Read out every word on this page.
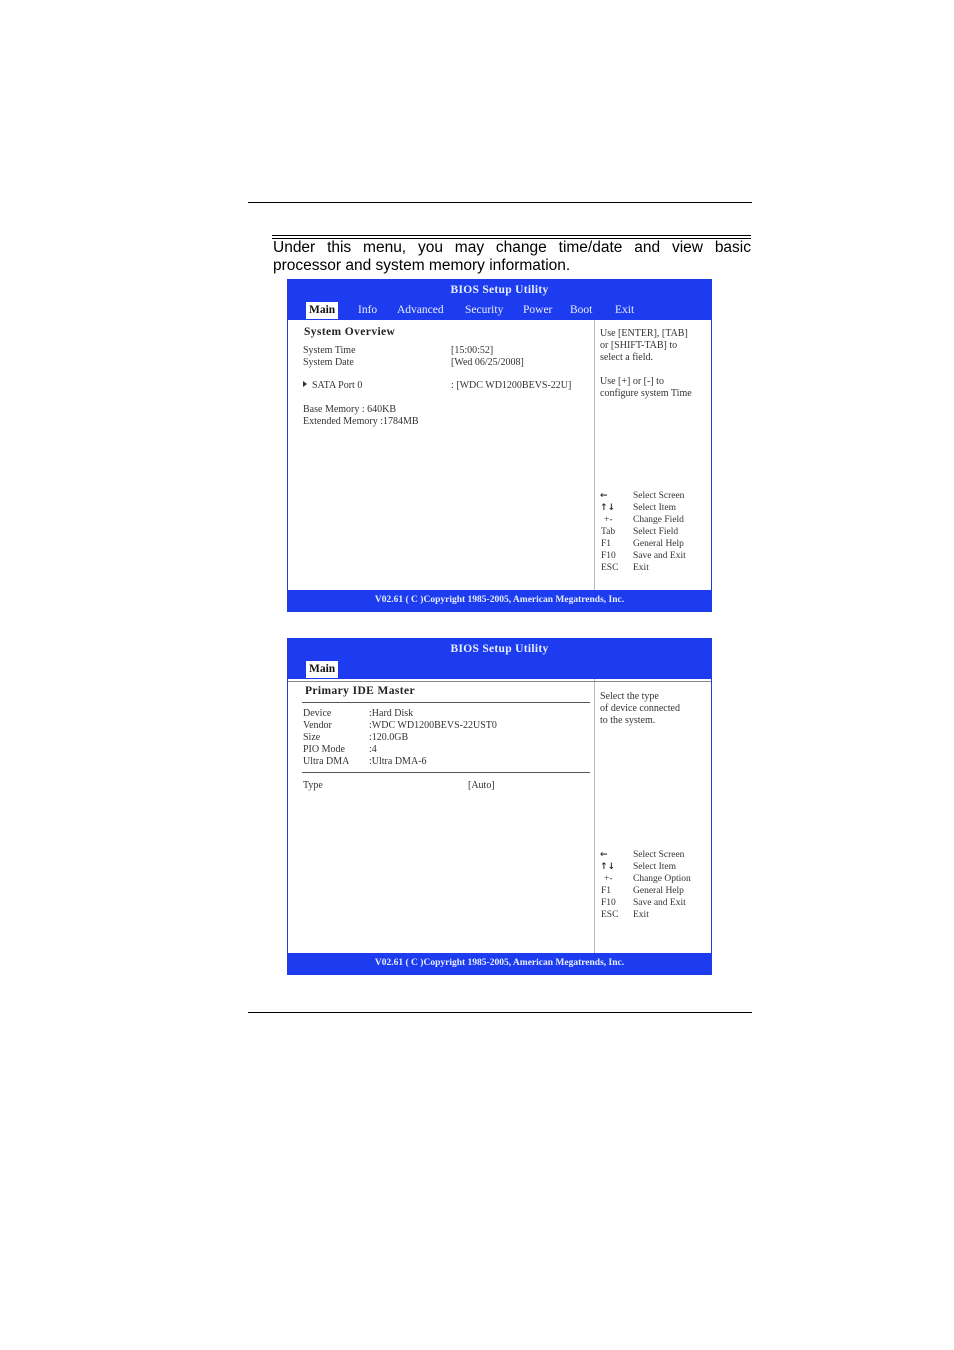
Under this menu, you may change time/date and view basic
processor and system memory information.
BIOS Setup Utility
Main Info Advanced Security Power Boot Exit
System Overview
System Time	[15:00:52]
System Date	[Wed 06/25/2008]
SATA Port 0	: [WDC WD1200BEVS-22U]
Base Memory : 640KB
Extended Memory :1784MB
Use [ENTER], [TAB]
or [SHIFT-TAB] to
select a field.
Use [+] or [-] to
configure system Time
←	Select Screen
↑↓ Select Item
+- Change Field
Tab Select Field
F1 General Help
F10 Save and Exit
ESC Exit
V02.61 ( C )Copyright 1985-2005, American Megatrends, Inc.
BIOS Setup Utility
Main
Primary IDE Master
Device	:Hard Disk
Vendor	:WDC WD1200BEVS-22UST0
Size	:120.0GB
PIO Mode :4
Ultra DMA :Ultra DMA-6
Type	[Auto]
Select the type
of device connected
to the system.
←	Select Screen
↑↓ Select Item
+- Change Option
F1 General Help
F10 Save and Exit
ESC Exit
V02.61 ( C )Copyright 1985-2005, American Megatrends, Inc.
